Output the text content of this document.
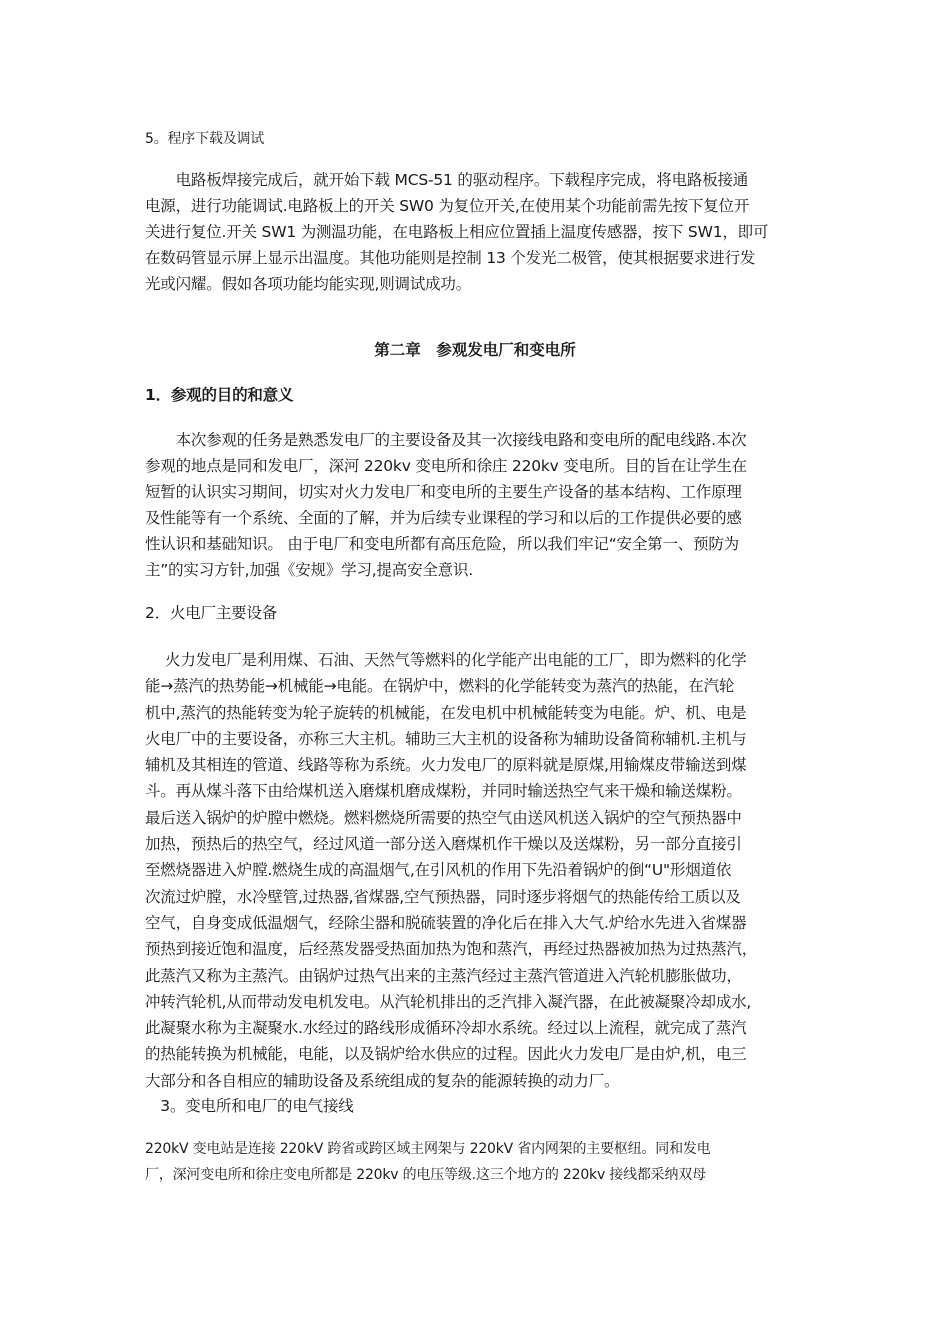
5。程序下载及调试

　　电路板焊接完成后，就开始下载 MCS-51 的驱动程序。下载程序完成，将电路板接通
电源，进行功能调试.电路板上的开关 SW0 为复位开关,在使用某个功能前需先按下复位开
关进行复位.开关 SW1 为测温功能，在电路板上相应位置插上温度传感器，按下 SW1，即可
在数码管显示屏上显示出温度。其他功能则是控制 13 个发光二极管，使其根据要求进行发
光或闪耀。假如各项功能均能实现,则调试成功。

第二章　参观发电厂和变电所

1．参观的目的和意义

　　本次参观的任务是熟悉发电厂的主要设备及其一次接线电路和变电所的配电线路.本次
参观的地点是同和发电厂，深河 220kv 变电所和徐庄 220kv 变电所。目的旨在让学生在
短暂的认识实习期间，切实对火力发电厂和变电所的主要生产设备的基本结构、工作原理
及性能等有一个系统、全面的了解，并为后续专业课程的学习和以后的工作提供必要的感
性认识和基础知识。 由于电厂和变电所都有高压危险，所以我们牢记“安全第一、预防为
主”的实习方针,加强《安规》学习,提高安全意识.

2．火电厂主要设备

　 火力发电厂是利用煤、石油、天然气等燃料的化学能产出电能的工厂，即为燃料的化学
能→蒸汽的热势能→机械能→电能。在锅炉中，燃料的化学能转变为蒸汽的热能，在汽轮
机中,蒸汽的热能转变为轮子旋转的机械能，在发电机中机械能转变为电能。炉、机、电是
火电厂中的主要设备，亦称三大主机。辅助三大主机的设备称为辅助设备简称辅机.主机与
辅机及其相连的管道、线路等称为系统。火力发电厂的原料就是原煤,用输煤皮带输送到煤
斗。再从煤斗落下由给煤机送入磨煤机磨成煤粉，并同时输送热空气来干燥和输送煤粉。
最后送入锅炉的炉膛中燃烧。燃料燃烧所需要的热空气由送风机送入锅炉的空气预热器中
加热，预热后的热空气，经过风道一部分送入磨煤机作干燥以及送煤粉，另一部分直接引
至燃烧器进入炉膛.燃烧生成的高温烟气,在引风机的作用下先沿着锅炉的倒“U"形烟道依
次流过炉膛，水冷壁管,过热器,省煤器,空气预热器，同时逐步将烟气的热能传给工质以及
空气，自身变成低温烟气，经除尘器和脱硫装置的净化后在排入大气.炉给水先进入省煤器
预热到接近饱和温度，后经蒸发器受热面加热为饱和蒸汽，再经过热器被加热为过热蒸汽，
此蒸汽又称为主蒸汽。由锅炉过热气出来的主蒸汽经过主蒸汽管道进入汽轮机膨胀做功，
冲转汽轮机,从而带动发电机发电。从汽轮机排出的乏汽排入凝汽器，在此被凝聚冷却成水,
此凝聚水称为主凝聚水.水经过的路线形成循环冷却水系统。经过以上流程，就完成了蒸汽
的热能转换为机械能，电能，以及锅炉给水供应的过程。因此火力发电厂是由炉,机，电三
大部分和各自相应的辅助设备及系统组成的复杂的能源转换的动力厂。

　3。变电所和电厂的电气接线

220kV 变电站是连接 220kV 跨省或跨区域主网架与 220kV 省内网架的主要枢纽。同和发电
厂，深河变电所和徐庄变电所都是 220kv 的电压等级.这三个地方的 220kv 接线都采纳双母
